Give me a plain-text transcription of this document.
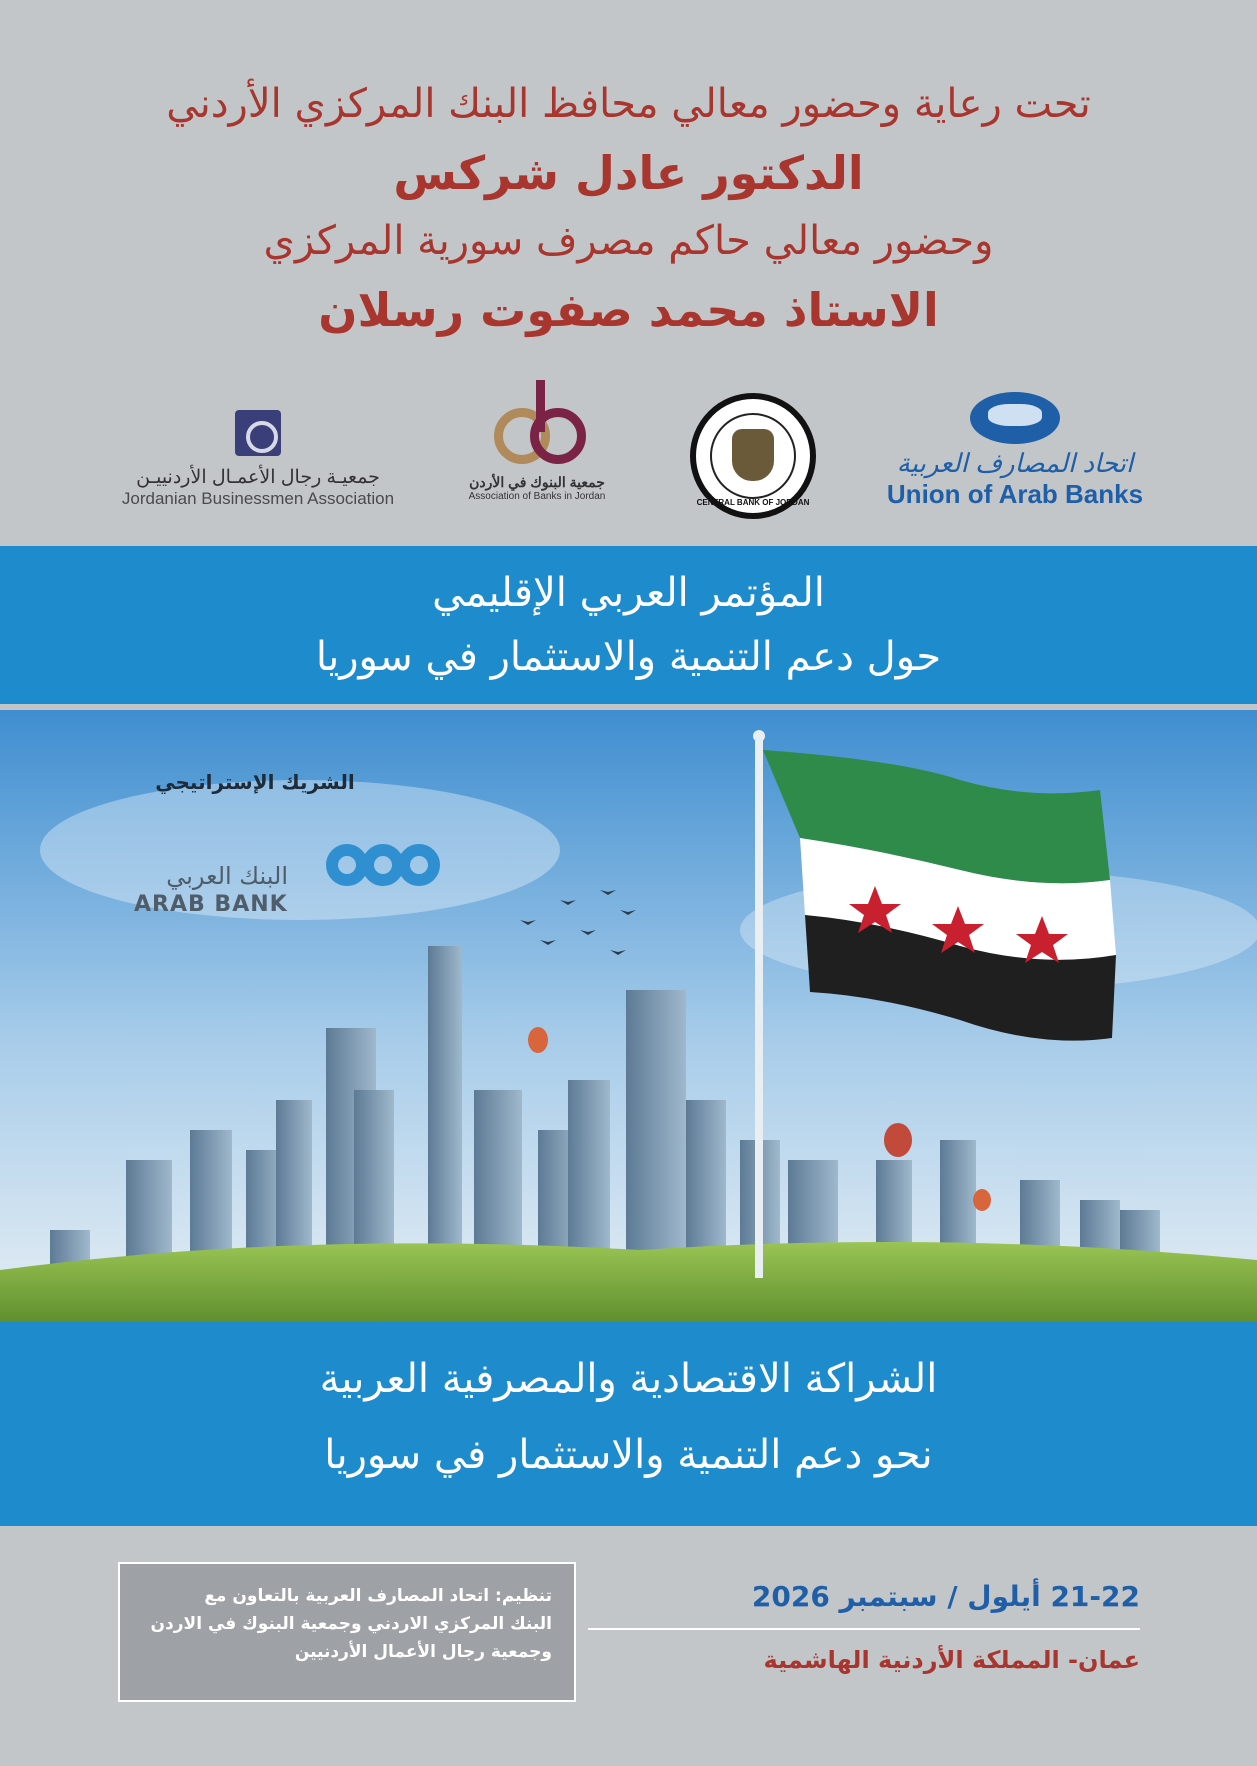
تحت رعاية وحضور معالي محافظ البنك المركزي الأردني
الدكتور عادل شركس
وحضور معالي حاكم مصرف سورية المركزي
الاستاذ محمد صفوت رسلان
جمعيـة رجال الأعمـال الأردنييـن
Jordanian Businessmen Association
جمعية البنوك في الأردن
Association of Banks in Jordan
CENTRAL BANK OF JORDAN
اتحاد المصارف العربية
Union of Arab Banks
المؤتمر العربي الإقليمي
حول دعم التنمية والاستثمار في سوريا
الشريك الإستراتيجي
البنك العربي
ARAB BANK
الشراكة الاقتصادية والمصرفية العربية
نحو دعم التنمية والاستثمار في سوريا
تنظيم: اتحاد المصارف العربية بالتعاون مع
البنك المركزي الاردني وجمعية البنوك في الاردن
وجمعية رجال الأعمال الأردنيين
21-22 أيلول / سبتمبر 2026
عمان- المملكة الأردنية الهاشمية
